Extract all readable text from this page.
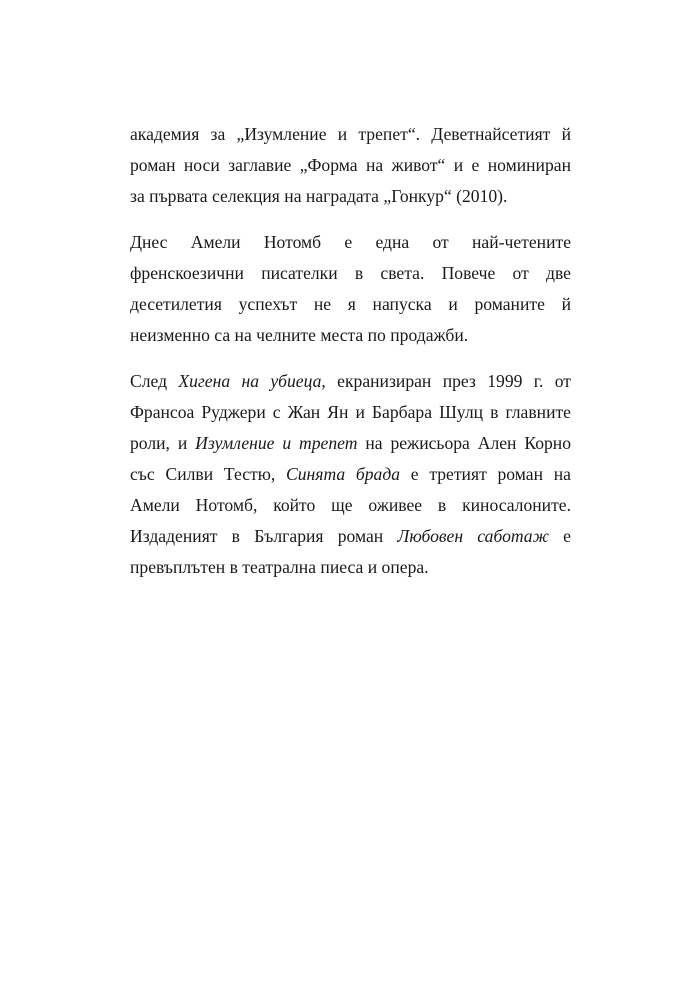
академия за „Изумление и трепет“. Деветнайсетият й
роман носи заглавие „Форма на живот“ и е номиниран
за първата селекция на наградата „Гонкур“ (2010).

Днес Амели Нотомб е една от най-четените
френскоезични писателки в света. Повече от две
десетилетия успехът не я напуска и романите й
неизменно са на челните места по продажби.

След Хигена на убиеца, екранизиран през 1999 г. от
Франсоа Руджери с Жан Ян и Барбара Шулц в главните
роли, и Изумление и трепет на режисьора Ален Корно
със Силви Тестю, Синята брада е третият роман на
Амели Нотомб, който ще оживее в киносалоните.
Издаденият в България роман Любовен саботаж е
превъплътен в театрална пиеса и опера.
